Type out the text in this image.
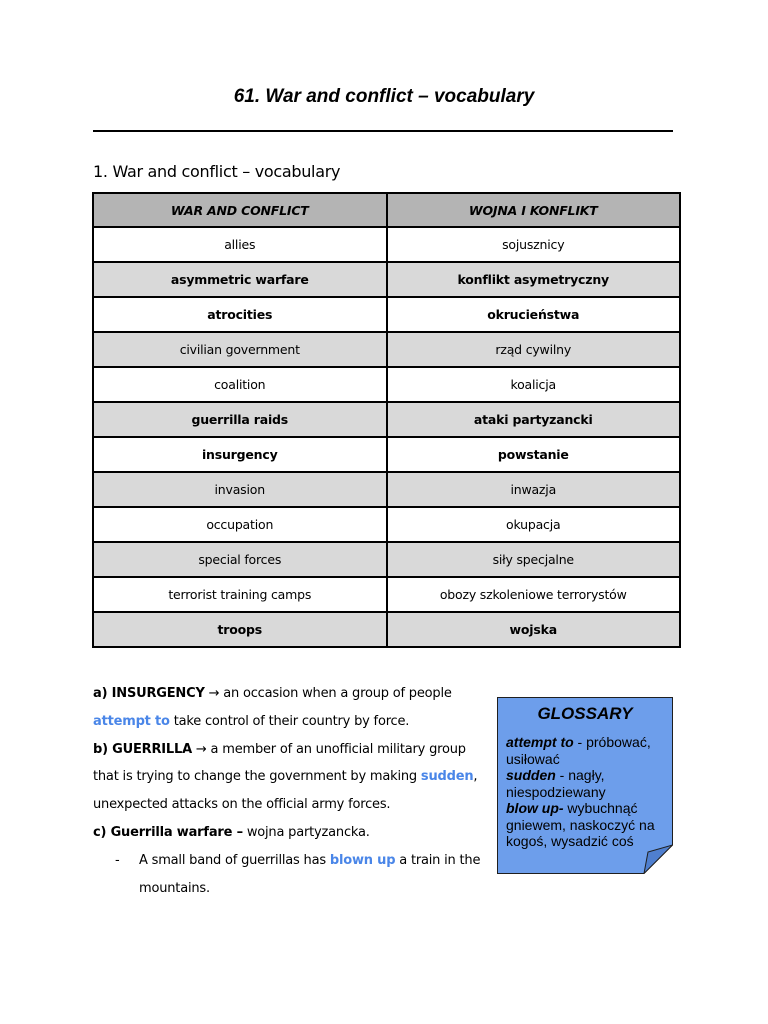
61. War and conflict – vocabulary
1. War and conflict – vocabulary
WAR AND CONFLICT	WOJNA I KONFLIKT
allies	sojusznicy
asymmetric warfare	konflikt asymetryczny
atrocities	okrucieństwa
civilian government	rząd cywilny
coalition	koalicja
guerrilla raids	ataki partyzancki
insurgency	powstanie
invasion	inwazja
occupation	okupacja
special forces	siły specjalne
terrorist training camps	obozy szkoleniowe terrorystów
troops	wojska

a) INSURGENCY → an occasion when a group of people attempt to take control of their country by force.

b) GUERRILLA → a member of an unofficial military group that is trying to change the government by making sudden, unexpected attacks on the official army forces.

c) Guerrilla warfare – wojna partyzancka.

- A small band of guerrillas has blown up a train in the mountains.

GLOSSARY

attempt to - próbować, usiłować

sudden - nagły, niespodziewany

blow up- wybuchnąć gniewem, naskoczyć na kogoś, wysadzić coś
